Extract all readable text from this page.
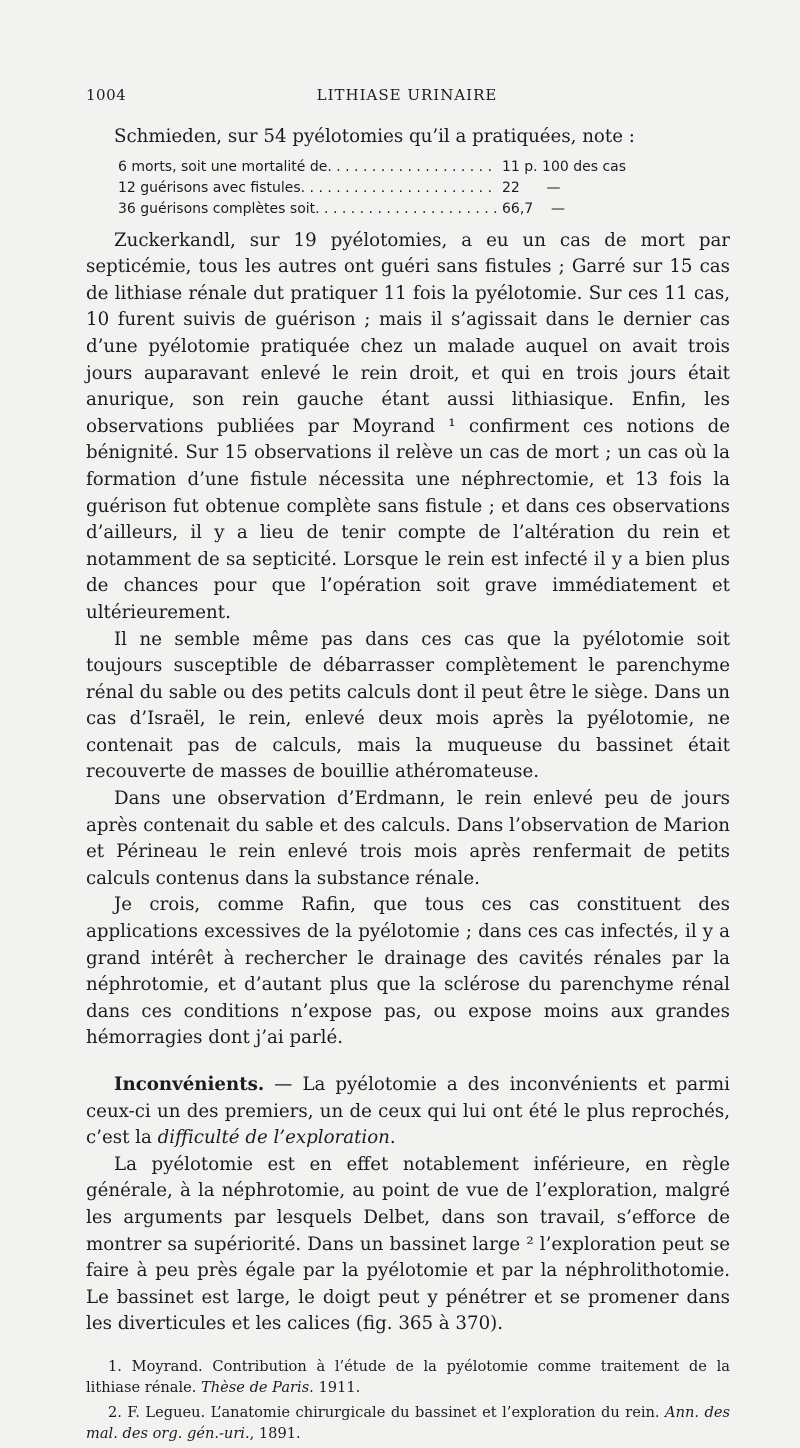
1004	LITHIASE URINAIRE

Schmieden, sur 54 pyélotomies qu’il a pratiquées, note :

6 morts, soit une mortalité de . . .	11 p. 100 des cas
12 guérisons avec fistules . . .	22      —
36 guérisons complètes soit . . .	66,7    —

Zuckerkandl, sur 19 pyélotomies, a eu un cas de mort par septicémie, tous les autres ont guéri sans fistules ; Garré sur 15 cas de lithiase rénale dut pratiquer 11 fois la pyélotomie. Sur ces 11 cas, 10 furent suivis de guérison ; mais il s’agissait dans le dernier cas d’une pyélotomie pratiquée chez un malade auquel on avait trois jours auparavant enlevé le rein droit, et qui en trois jours était anurique, son rein gauche étant aussi lithiasique. Enfin, les observations publiées par Moyrand ¹ confirment ces notions de bénignité. Sur 15 observations il relève un cas de mort ; un cas où la formation d’une fistule nécessita une néphrectomie, et 13 fois la guérison fut obtenue complète sans fistule ; et dans ces observations d’ailleurs, il y a lieu de tenir compte de l’altération du rein et notamment de sa septicité. Lorsque le rein est infecté il y a bien plus de chances pour que l’opération soit grave immédiatement et ultérieurement.

Il ne semble même pas dans ces cas que la pyélotomie soit toujours susceptible de débarrasser complètement le parenchyme rénal du sable ou des petits calculs dont il peut être le siège. Dans un cas d’Israël, le rein, enlevé deux mois après la pyélotomie, ne contenait pas de calculs, mais la muqueuse du bassinet était recouverte de masses de bouillie athéromateuse.

Dans une observation d’Erdmann, le rein enlevé peu de jours après contenait du sable et des calculs. Dans l’observation de Marion et Périneau le rein enlevé trois mois après renfermait de petits calculs contenus dans la substance rénale.

Je crois, comme Rafin, que tous ces cas constituent des applications excessives de la pyélotomie ; dans ces cas infectés, il y a grand intérêt à rechercher le drainage des cavités rénales par la néphrotomie, et d’autant plus que la sclérose du parenchyme rénal dans ces conditions n’expose pas, ou expose moins aux grandes hémorragies dont j’ai parlé.

Inconvénients. — La pyélotomie a des inconvénients et parmi ceux-ci un des premiers, un de ceux qui lui ont été le plus reprochés, c’est la difficulté de l’exploration.

La pyélotomie est en effet notablement inférieure, en règle générale, à la néphrotomie, au point de vue de l’exploration, malgré les arguments par lesquels Delbet, dans son travail, s’efforce de montrer sa supériorité. Dans un bassinet large ² l’exploration peut se faire à peu près égale par la pyélotomie et par la néphrolithotomie. Le bassinet est large, le doigt peut y pénétrer et se promener dans les diverticules et les calices (fig. 365 à 370).

1. Moyrand. Contribution à l’étude de la pyélotomie comme traitement de la lithiase rénale. Thèse de Paris. 1911.

2. F. Legueu. L’anatomie chirurgicale du bassinet et l’exploration du rein. Ann. des mal. des org. gén.-uri., 1891.
